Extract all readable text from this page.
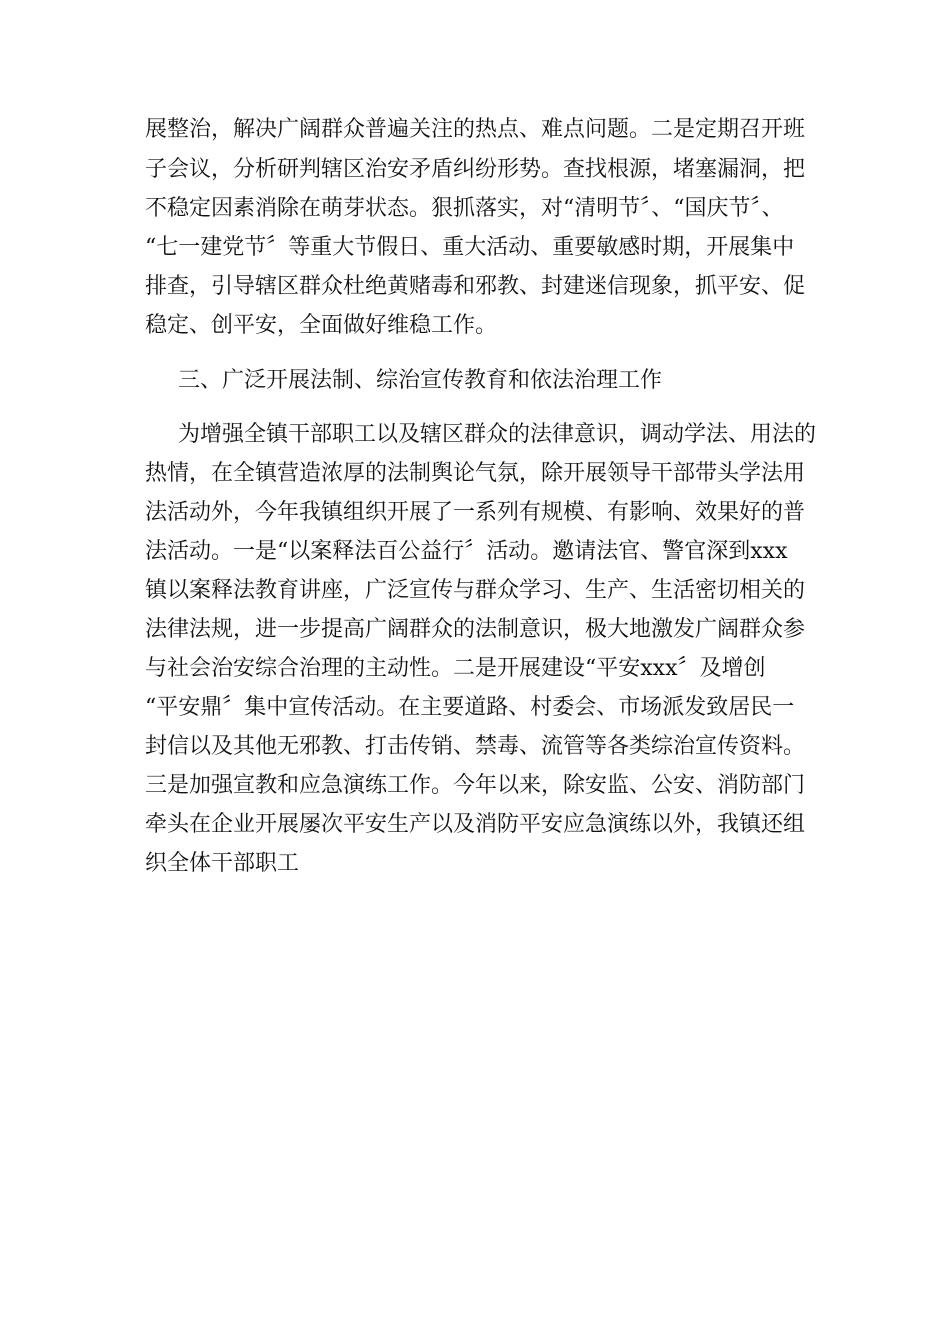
展整治，解决广阔群众普遍关注的热点、难点问题。二是定期召开班
子会议，分析研判辖区治安矛盾纠纷形势。查找根源，堵塞漏洞，把
不稳定因素消除在萌芽状态。狠抓落实，对“清明节〞、“国庆节〞、
“七一建党节〞等重大节假日、重大活动、重要敏感时期，开展集中
排查，引导辖区群众杜绝黄赌毒和邪教、封建迷信现象，抓平安、促
稳定、创平安，全面做好维稳工作。
三、广泛开展法制、综治宣传教育和依法治理工作
为增强全镇干部职工以及辖区群众的法律意识，调动学法、用法的
热情，在全镇营造浓厚的法制舆论气氛，除开展领导干部带头学法用
法活动外，今年我镇组织开展了一系列有规模、有影响、效果好的普
法活动。一是“以案释法百公益行〞活动。邀请法官、警官深到xxx
镇以案释法教育讲座，广泛宣传与群众学习、生产、生活密切相关的
法律法规，进一步提高广阔群众的法制意识，极大地激发广阔群众参
与社会治安综合治理的主动性。二是开展建设“平安xxx〞及增创
“平安鼎〞集中宣传活动。在主要道路、村委会、市场派发致居民一
封信以及其他无邪教、打击传销、禁毒、流管等各类综治宣传资料。
三是加强宣教和应急演练工作。今年以来，除安监、公安、消防部门
牵头在企业开展屡次平安生产以及消防平安应急演练以外，我镇还组
织全体干部职工
